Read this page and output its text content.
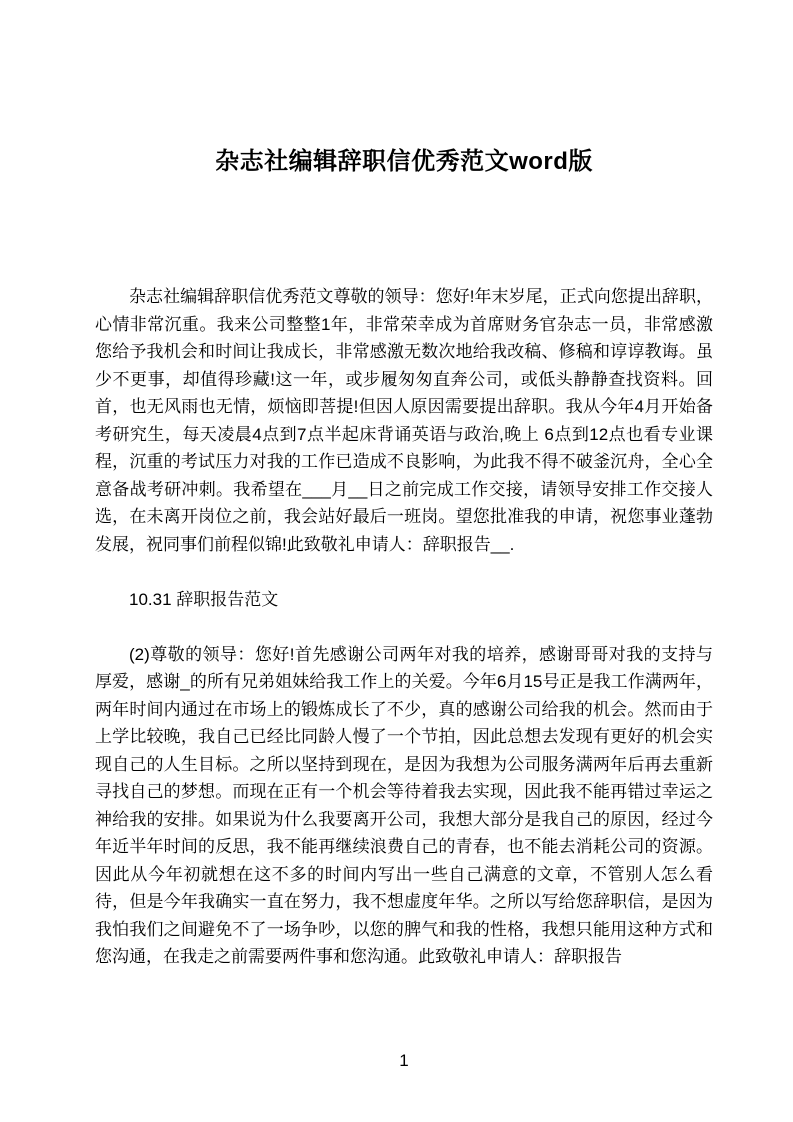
杂志社编辑辞职信优秀范文word版

杂志社编辑辞职信优秀范文尊敬的领导：您好!年末岁尾，正式向您提出辞职，心情非常沉重。我来公司整整1年，非常荣幸成为首席财务官杂志一员，非常感激您给予我机会和时间让我成长，非常感激无数次地给我改稿、修稿和谆谆教诲。虽少不更事，却值得珍藏!这一年，或步履匆匆直奔公司，或低头静静查找资料。回首，也无风雨也无情，烦恼即菩提!但因人原因需要提出辞职。我从今年4月开始备考研究生，每天凌晨4点到7点半起床背诵英语与政治,晚上 6点到12点也看专业课程，沉重的考试压力对我的工作已造成不良影响，为此我不得不破釜沉舟，全心全意备战考研冲刺。我希望在___月__日之前完成工作交接，请领导安排工作交接人选，在未离开岗位之前，我会站好最后一班岗。望您批准我的申请，祝您事业蓬勃发展，祝同事们前程似锦!此致敬礼申请人：辞职报告__.

10.31 辞职报告范文

(2)尊敬的领导：您好!首先感谢公司两年对我的培养，感谢哥哥对我的支持与厚爱，感谢_的所有兄弟姐妹给我工作上的关爱。今年6月15号正是我工作满两年，两年时间内通过在市场上的锻炼成长了不少，真的感谢公司给我的机会。然而由于上学比较晚，我自己已经比同龄人慢了一个节拍，因此总想去发现有更好的机会实现自己的人生目标。之所以坚持到现在，是因为我想为公司服务满两年后再去重新寻找自己的梦想。而现在正有一个机会等待着我去实现，因此我不能再错过幸运之神给我的安排。如果说为什么我要离开公司，我想大部分是我自己的原因，经过今年近半年时间的反思，我不能再继续浪费自己的青春，也不能去消耗公司的资源。因此从今年初就想在这不多的时间内写出一些自己满意的文章，不管别人怎么看待，但是今年我确实一直在努力，我不想虚度年华。之所以写给您辞职信，是因为我怕我们之间避免不了一场争吵，以您的脾气和我的性格，我想只能用这种方式和您沟通，在我走之前需要两件事和您沟通。此致敬礼申请人：辞职报告

1
